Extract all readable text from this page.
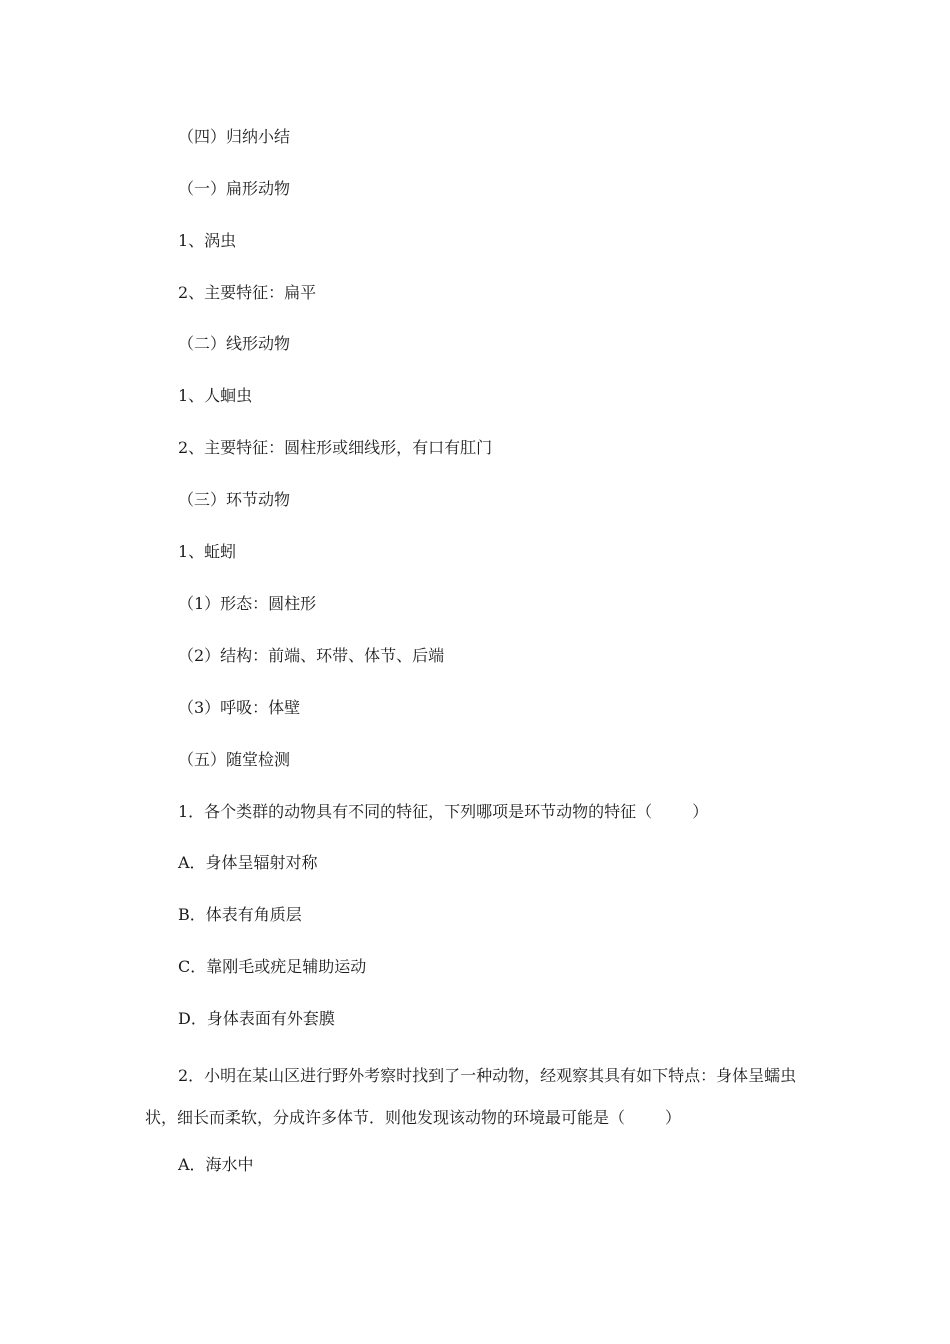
（四）归纳小结
（一）扁形动物
1、涡虫
2、主要特征：扁平
（二）线形动物
1、人蛔虫
2、主要特征：圆柱形或细线形，有口有肛门
（三）环节动物
1、蚯蚓
（1）形态：圆柱形
（2）结构：前端、环带、体节、后端
（3）呼吸：体壁
（五）随堂检测
1．各个类群的动物具有不同的特征，下列哪项是环节动物的特征（	）
A．身体呈辐射对称
B．体表有角质层
C．靠刚毛或疣足辅助运动
D．身体表面有外套膜
2．小明在某山区进行野外考察时找到了一种动物，经观察其具有如下特点：身体呈蠕虫状，细长而柔软，分成许多体节．则他发现该动物的环境最可能是（	）
A．海水中
